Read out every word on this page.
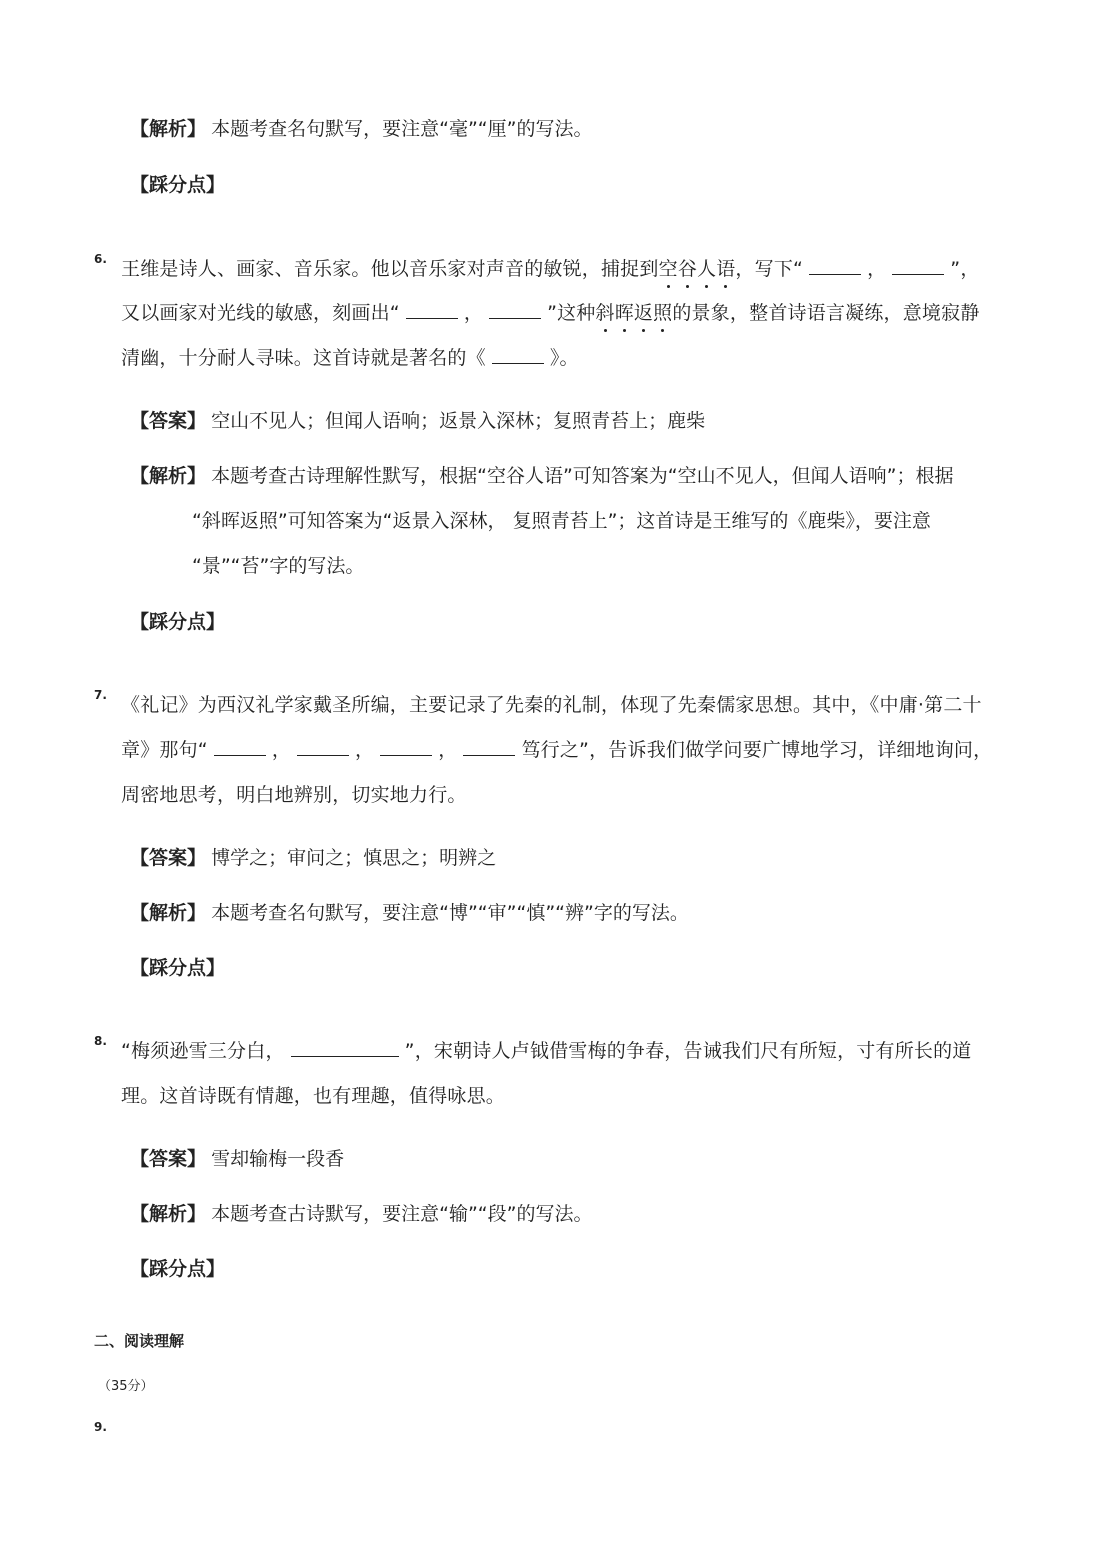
【解析】 本题考查名句默写，要注意“毫”“厘”的写法。
【踩分点】
6. 王维是诗人、画家、音乐家。他以音乐家对声音的敏锐，捕捉到空谷人语，写下“	，	”，
又以画家对光线的敏感，刻画出“	，	”这种斜晖返照的景象，整首诗语言凝练，意境寂静
清幽，十分耐人寻味。这首诗就是著名的《	》。
【答案】 空山不见人；但闻人语响；返景入深林；复照青苔上；鹿柴
【解析】 本题考查古诗理解性默写，根据“空谷人语”可知答案为“空山不见人，但闻人语响”；根据
“斜晖返照”可知答案为“返景入深林， 复照青苔上”；这首诗是王维写的《鹿柴》，要注意
“景”“苔”字的写法。
【踩分点】
7. 《礼记》为西汉礼学家戴圣所编，主要记录了先秦的礼制，体现了先秦儒家思想。其中，《中庸·第二十
章》那句“	，	，	，	笃行之”，告诉我们做学问要广博地学习，详细地询问，
周密地思考，明白地辨别，切实地力行。
【答案】 博学之；审问之；慎思之；明辨之
【解析】 本题考查名句默写，要注意“博”“审”“慎”“辨”字的写法。
【踩分点】
8. “梅须逊雪三分白，	”，宋朝诗人卢钺借雪梅的争春，告诫我们尺有所短，寸有所长的道
理。这首诗既有情趣，也有理趣，值得咏思。
【答案】 雪却输梅一段香
【解析】 本题考查古诗默写，要注意“输”“段”的写法。
【踩分点】
二、阅读理解
（35分）
9.
